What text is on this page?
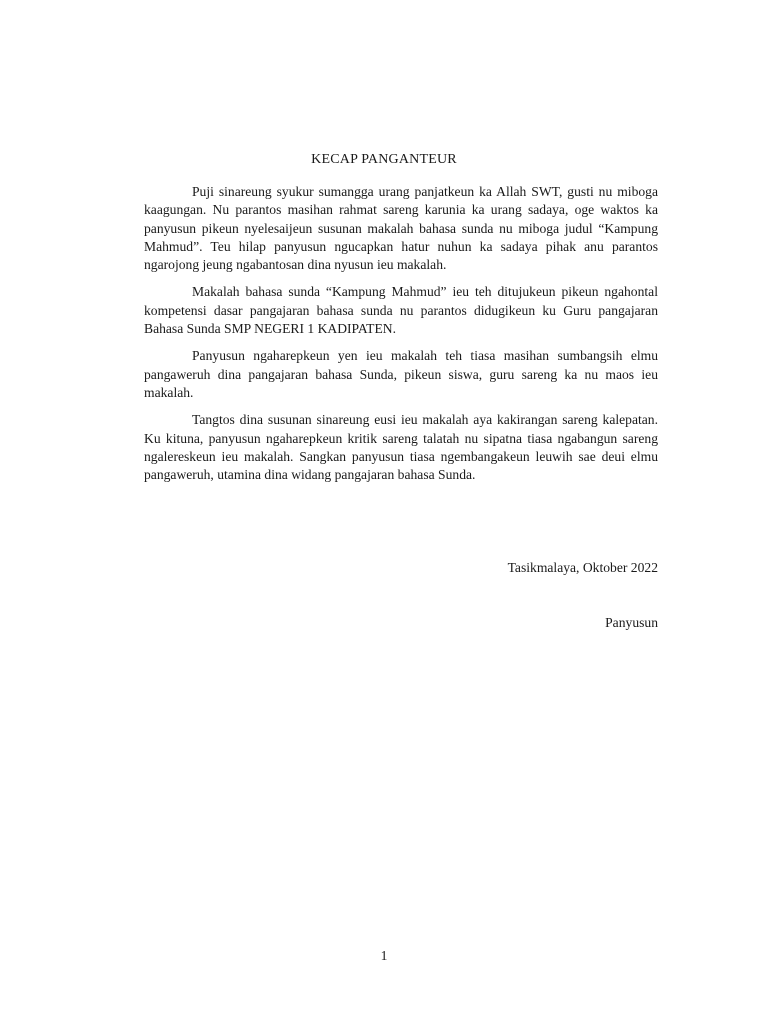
KECAP PANGANTEUR

Puji sinareung syukur sumangga urang panjatkeun ka Allah SWT, gusti nu miboga kaagungan. Nu parantos masihan rahmat sareng karunia ka urang sadaya, oge waktos ka panyusun pikeun nyelesaijeun susunan makalah bahasa sunda nu miboga judul “Kampung Mahmud”. Teu hilap panyusun ngucapkan hatur nuhun ka sadaya pihak anu parantos ngarojong jeung ngabantosan dina nyusun ieu makalah.

Makalah bahasa sunda “Kampung Mahmud” ieu teh ditujukeun pikeun ngahontal kompetensi dasar pangajaran bahasa sunda nu parantos didugikeun ku Guru pangajaran Bahasa Sunda SMP NEGERI 1 KADIPATEN.

Panyusun ngaharepkeun yen ieu makalah teh tiasa masihan sumbangsih elmu pangaweruh dina pangajaran bahasa Sunda, pikeun siswa, guru sareng ka nu maos ieu makalah.

Tangtos dina susunan sinareung eusi ieu makalah aya kakirangan sareng kalepatan. Ku kituna, panyusun ngaharepkeun kritik sareng talatah nu sipatna tiasa ngabangun sareng ngalereskeun ieu makalah. Sangkan panyusun tiasa ngembangakeun leuwih sae deui elmu pangaweruh, utamina dina widang pangajaran bahasa Sunda.

Tasikmalaya, Oktober 2022
Panyusun
1
